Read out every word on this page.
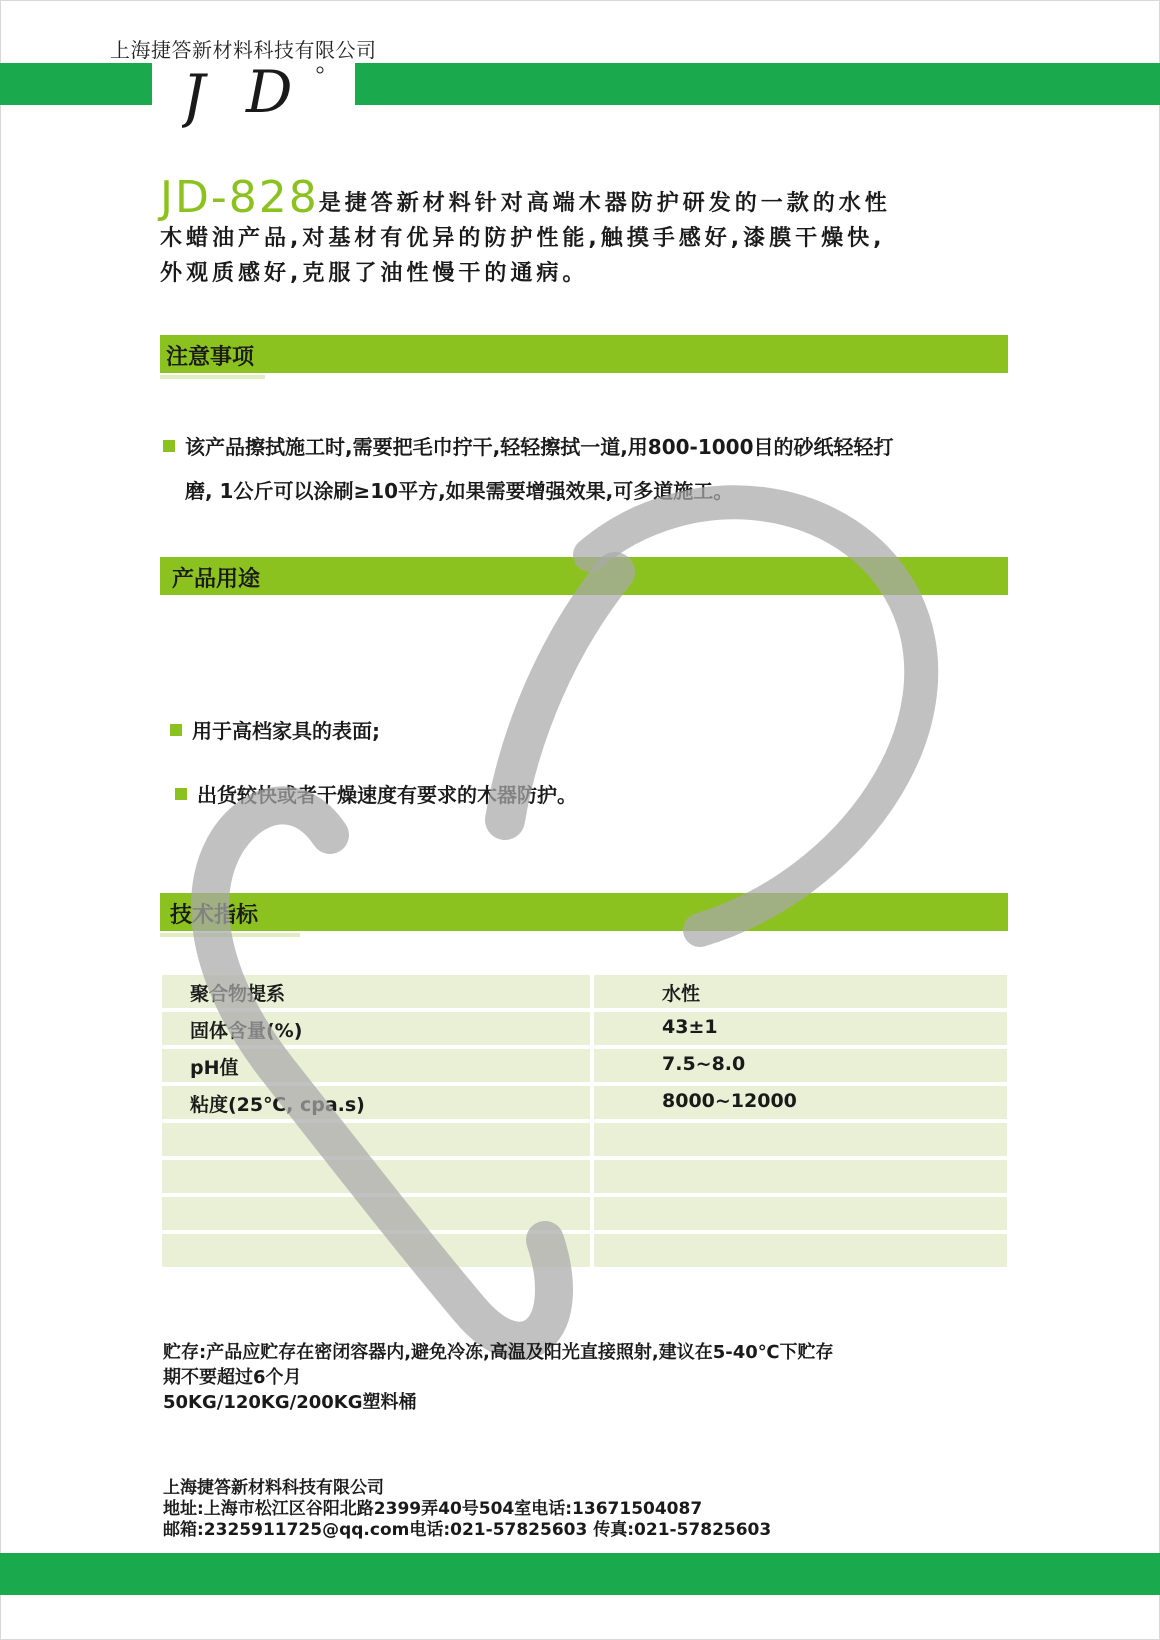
上海捷答新材料科技有限公司
J D
JD-828是捷答新材料针对高端木器防护研发的一款的水性
木蜡油产品,对基材有优异的防护性能,触摸手感好,漆膜干燥快,
外观质感好,克服了油性慢干的通病。
注意事项
该产品擦拭施工时,需要把毛巾拧干,轻轻擦拭一道,用800-1000目的砂纸轻轻打
磨, 1公斤可以涂刷≥10平方,如果需要增强效果,可多道施工。
产品用途
用于高档家具的表面;
出货较快或者干燥速度有要求的木器防护。
技术指标
聚合物提系	水性
固体含量(%)	43±1
pH值	7.5~8.0
粘度(25℃, cpa.s)	8000~12000
贮存:产品应贮存在密闭容器内,避免冷冻,高温及阳光直接照射,建议在5-40℃下贮存
期不要超过6个月
50KG/120KG/200KG塑料桶
上海捷答新材料科技有限公司
地址:上海市松江区谷阳北路2399弄40号504室电话:13671504087
邮箱:2325911725@qq.com电话:021-57825603 传真:021-57825603
